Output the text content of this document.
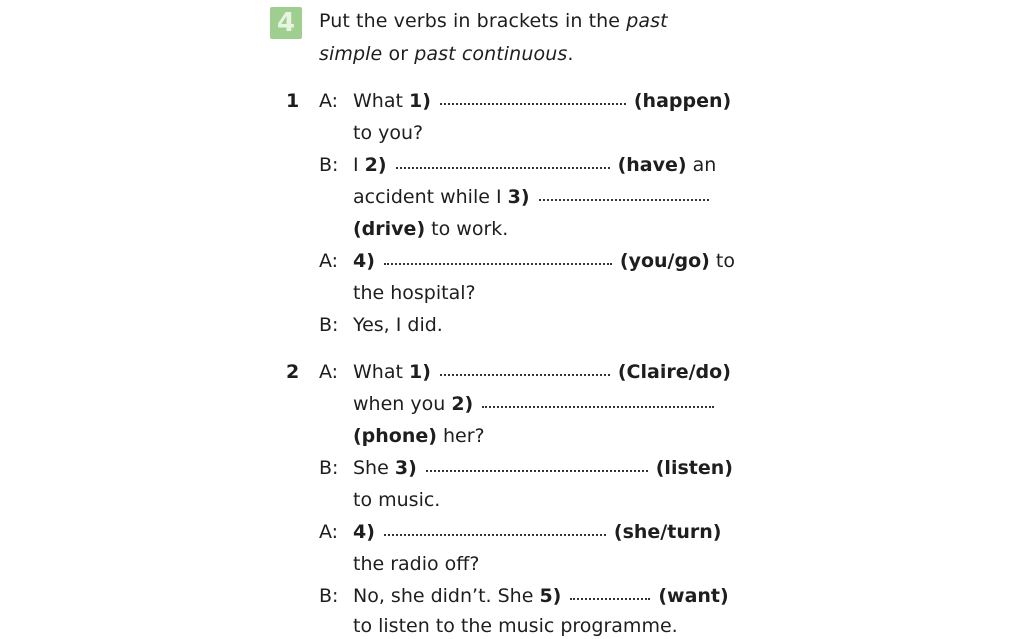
4	Put the verbs in brackets in the past
simple or past continuous.
1 A: What 1)	(happen)
to you?
B: I 2)	(have) an
accident while I 3)
(drive) to work.
A: 4)	(you/go) to
the hospital?
B: Yes, I did.
2 A: What 1)	(Claire/do)
when you 2)
(phone) her?
B: She 3)	(listen)
to music.
A: 4)	(she/turn)
the radio off?
B: No, she didn’t. She 5)	(want)
to listen to the music programme.
